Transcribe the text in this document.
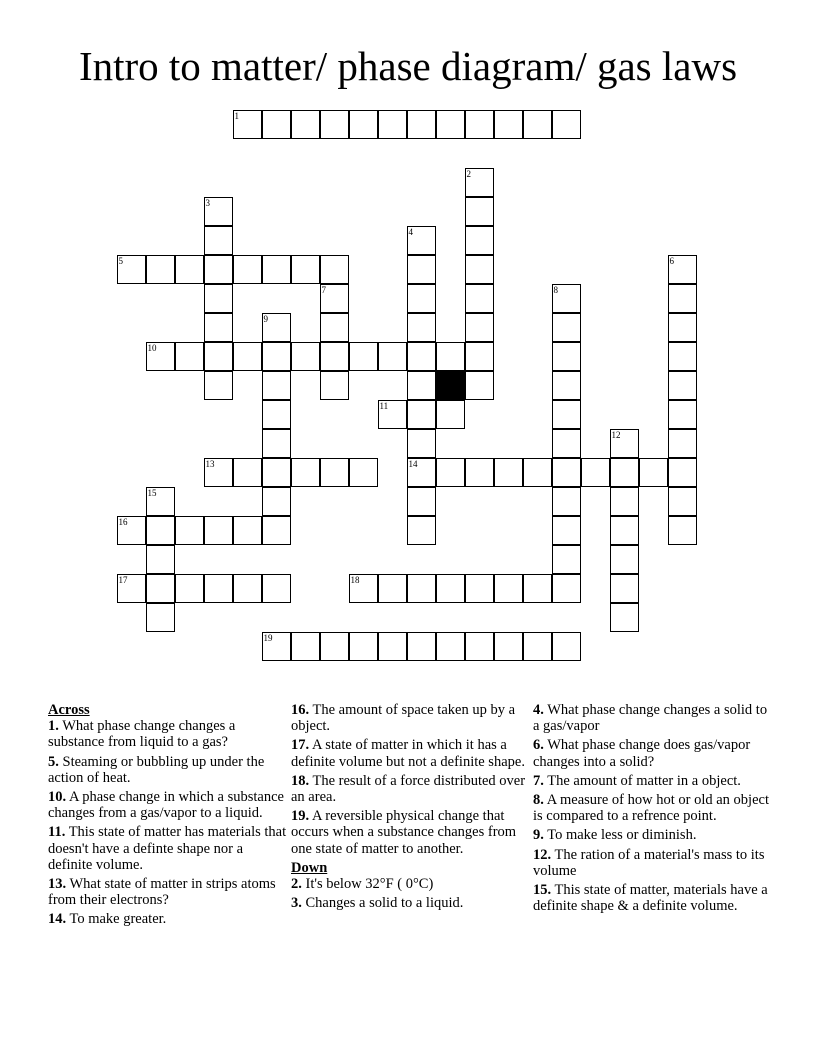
Intro to matter/ phase diagram/ gas laws
1
2
3
4
14
5	6
7	8
9
10
11
12
13
15
16
17	18
19
Across
1. What phase change changes a substance from liquid to a gas?
5. Steaming or bubbling up under the action of heat.
10. A phase change in which a substance changes from a gas/vapor to a liquid.
11. This state of matter has materials that doesn't have a definte shape nor a definite volume.
13. What state of matter in strips atoms from their electrons?
14. To make greater.
16. The amount of space taken up by a object.
17. A state of matter in which it has a definite volume but not a definite shape.
18. The result of a force distributed over an area.
19. A reversible physical change that occurs when a substance changes from one state of matter to another.
Down
2. It's below 32°F ( 0°C)
3. Changes a solid to a liquid.
4. What phase change changes a solid to a gas/vapor
6. What phase change does gas/vapor changes into a solid?
7. The amount of matter in a object.
8. A measure of how hot or old an object is compared to a refrence point.
9. To make less or diminish.
12. The ration of a material's mass to its volume
15. This state of matter, materials have a definite shape & a definite volume.
